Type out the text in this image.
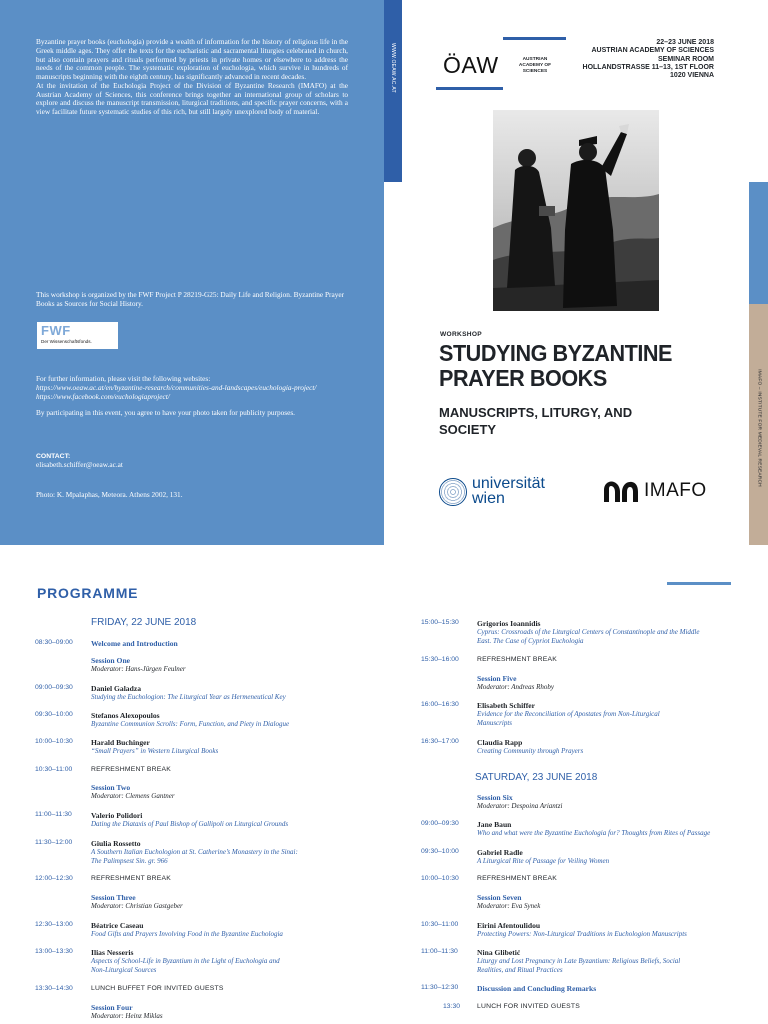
Byzantine prayer books (euchologia) provide a wealth of information for the history of religious life in the Greek middle ages. They offer the texts for the eucharistic and sacramental liturgies celebrated in church, but also contain prayers and rituals performed by priests in private homes or elsewhere to address the needs of the common people. The systematic exploration of euchologia, which survive in hundreds of manuscripts beginning with the eighth century, has significantly advanced in recent decades.

At the invitation of the Euchologia Project of the Division of Byzantine Research (IMAFO) at the Austrian Academy of Sciences, this conference brings together an international group of scholars to explore and discuss the manuscript transmission, liturgical traditions, and specific prayer concerns, with a view facilitate future systematic studies of this rich, but still largely unexplored body of material.

This workshop is organized by the FWF Project P 28219-G25: Daily Life and Religion. Byzantine Prayer Books as Sources for Social History.

FWF
Der Wissenschaftsfonds.

For further information, please visit the following websites:

https://www.oeaw.ac.at/en/byzantine-research/communities-and-landscapes/euchologia-project/

https://www.facebook.com/euchologiaproject/

By participating in this event, you agree to have your photo taken for publicity purposes.

CONTACT:

elisabeth.schiffer@oeaw.ac.at

Photo: K. Mpalaphas, Meteora. Athens 2002, 131.

WWW.OEAW.AC.AT ÖAW	AUSTRIAN ACADEMY OF SCIENCES
22–23 JUNE 2018
AUSTRIAN ACADEMY OF SCIENCES
SEMINAR ROOM
HOLLANDSTRASSE 11–13, 1ST FLOOR
1020 VIENNA
WORKSHOP
STUDYING BYZANTINE
PRAYER BOOKS
MANUSCRIPTS, LITURGY, AND
SOCIETY
universität
wien	IMAFO
IMAFO – INSTITUTE FOR MEDIEVAL RESEARCH
PROGRAMME
FRIDAY, 22 JUNE 2018
SATURDAY, 23 JUNE 2018
08:30–09:00 Welcome and Introduction
Session One
Moderator: Hans-Jürgen Feulner
09:00–09:30 Daniel Galadza
Studying the Euchologion: The Liturgical Year as Hermeneutical Key
09:30–10:00 Stefanos Alexopoulos
Byzantine Communion Scrolls: Form, Function, and Piety in Dialogue
10:00–10:30 Harald Buchinger
“Small Prayers” in Western Liturgical Books
10:30–11:00	REFRESHMENT BREAK
Session Two
Moderator: Clemens Gantner
11:00–11:30	Valerio Polidori
Dating the Diataxis of Paul Bishop of Gallipoli on Liturgical Grounds
11:30–12:00 Giulia Rossetto
A Southern Italian Euchologion at St. Catherine’s Monastery in the Sinai:
The Palimpsest Sin. gr. 966
12:00–12:30	REFRESHMENT BREAK
Session Three
Moderator: Christian Gastgeber
12:30–13:00 Béatrice Caseau
Food Gifts and Prayers Involving Food in the Byzantine Euchologia
13:00–13:30 Ilias Nesseris
Aspects of School-Life in Byzantium in the Light of Euchologia and
Non-Liturgical Sources
13:30–14:30	LUNCH BUFFET FOR INVITED GUESTS
Session Four
Moderator: Heinz Miklas
15:00–15:30 Grigorios Ioannidis
Cyprus: Crossroads of the Liturgical Centers of Constantinople and the Middle
East. The Case of Cypriot Euchologia
15:30–16:00	REFRESHMENT BREAK
Session Five
Moderator: Andreas Rhoby
16:00–16:30 Elisabeth Schiffer
Evidence for the Reconciliation of Apostates from Non-Liturgical
Manuscripts
16:30–17:00 Claudia Rapp
Creating Community through Prayers
Session Six
Moderator: Despoina Ariantzi
09:00–09:30 Jane Baun
Who and what were the Byzantine Euchologia for? Thoughts from Rites of Passage
09:30–10:00 Gabriel Radle
A Liturgical Rite of Passage for Veiling Women
10:00–10:30	REFRESHMENT BREAK
Session Seven
Moderator: Eva Synek
10:30–11:00 Eirini Afentoulidou
Protecting Powers: Non-Liturgical Traditions in Euchologion Manuscripts
11:00–11:30	Nina Glibetić
Liturgy and Lost Pregnancy in Late Byzantium: Religious Beliefs, Social
Realities, and Ritual Practices
11:30–12:30 Discussion and Concluding Remarks
13:30 LUNCH FOR INVITED GUESTS
